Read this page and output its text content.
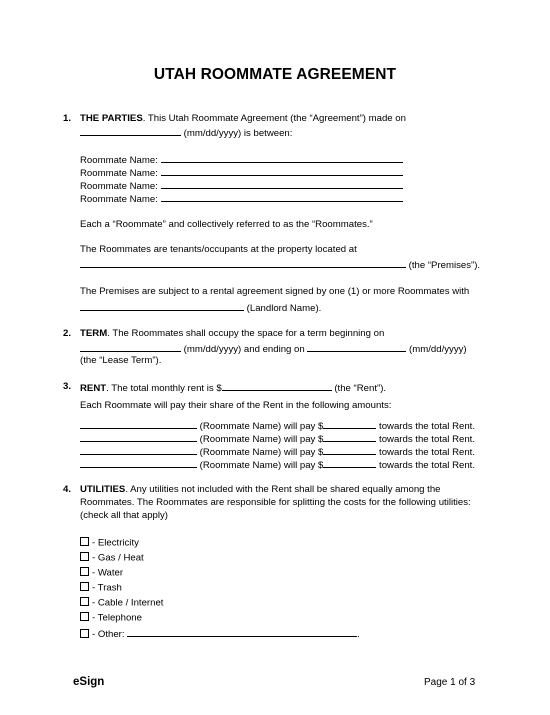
UTAH ROOMMATE AGREEMENT
1. THE PARTIES. This Utah Roommate Agreement (the “Agreement”) made on
(mm/dd/yyyy) is between:
Roommate Name:
Roommate Name:
Roommate Name:
Roommate Name:
Each a “Roommate” and collectively referred to as the “Roommates.”
The Roommates are tenants/occupants at the property located at
(the “Premises”).
The Premises are subject to a rental agreement signed by one (1) or more Roommates with
(Landlord Name).
2. TERM. The Roommates shall occupy the space for a term beginning on
(mm/dd/yyyy) and ending on	(mm/dd/yyyy)
(the “Lease Term”).
3. RENT. The total monthly rent is $	(the “Rent”).
Each Roommate will pay their share of the Rent in the following amounts:
(Roommate Name) will pay $	towards the total Rent.
(Roommate Name) will pay $	towards the total Rent.
(Roommate Name) will pay $	towards the total Rent.
(Roommate Name) will pay $	towards the total Rent.
4. UTILITIES. Any utilities not included with the Rent shall be shared equally among the
Roommates. The Roommates are responsible for splitting the costs for the following utilities:
(check all that apply)
- Electricity
- Gas / Heat
- Water
- Trash
- Cable / Internet
- Telephone
- Other:	.
eSign	Page 1 of 3
